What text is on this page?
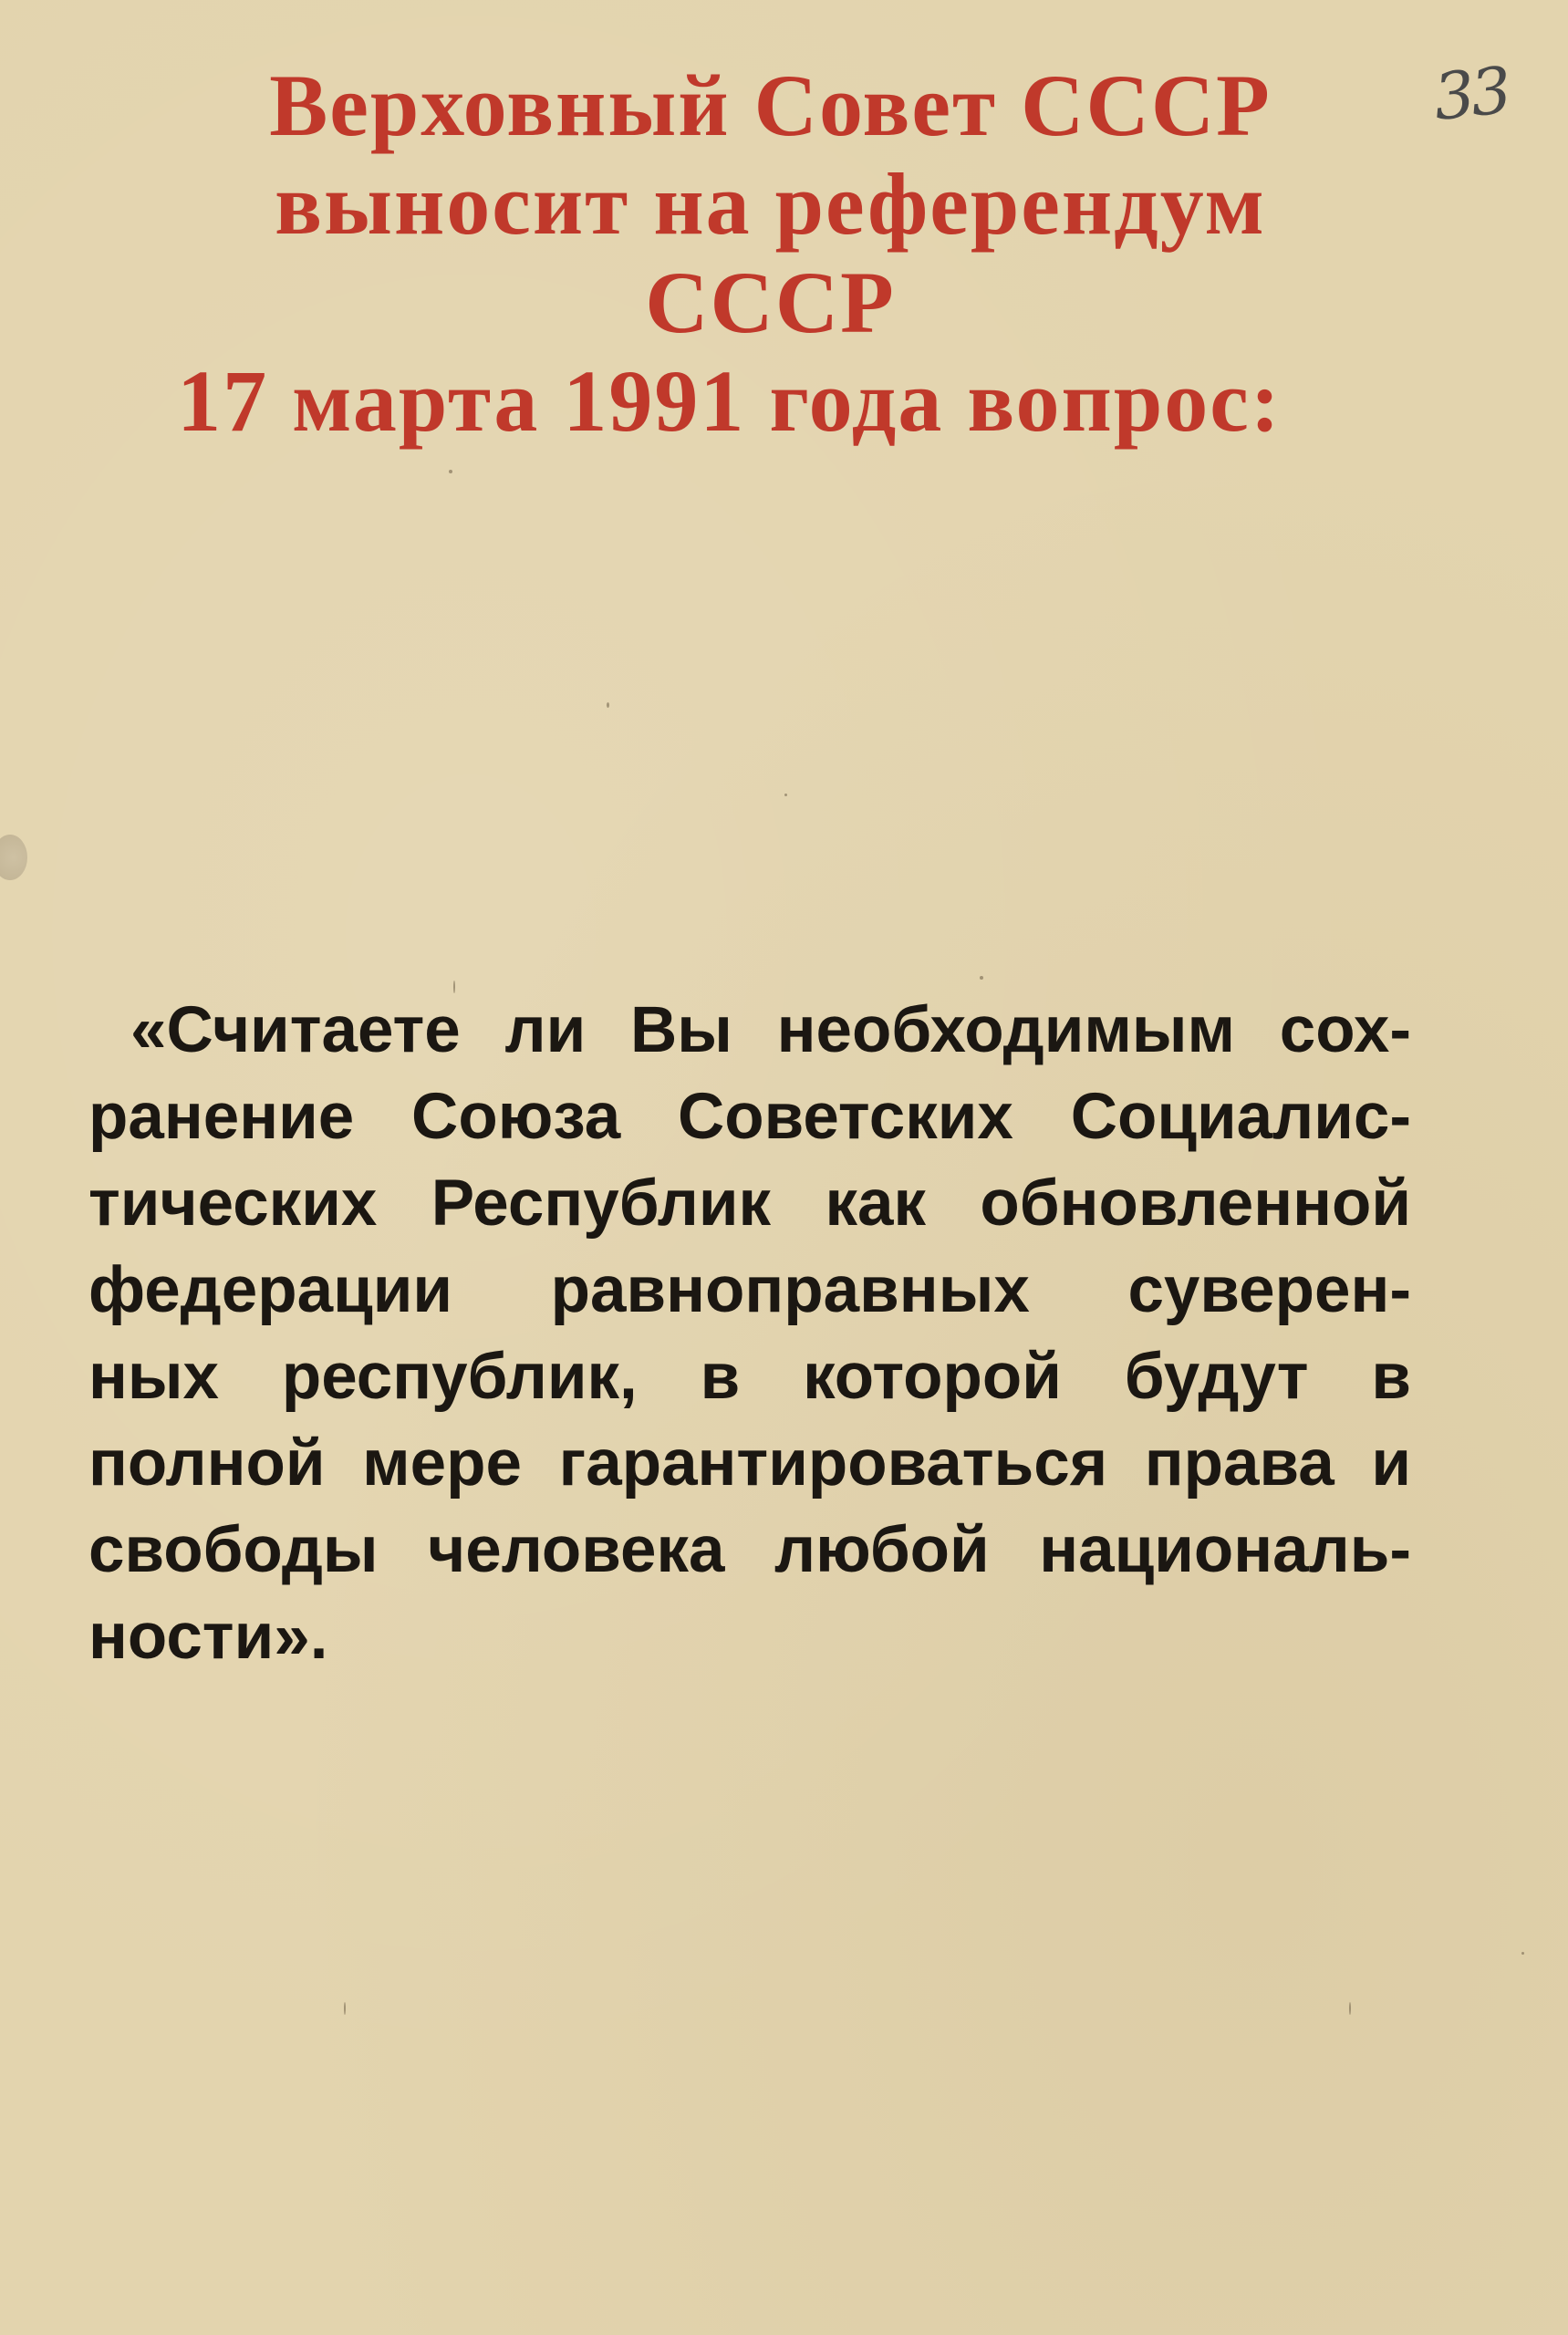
33
Верховный Совет СССР
выносит на референдум
СССР
17 марта 1991 года вопрос:
«Считаете ли Вы необходимым сох-
ранение Союза Советских Социалис-
тических Республик как обновленной
федерации равноправных суверен-
ных республик, в которой будут в
полной мере гарантироваться права и
свободы человека любой националь-
ности».
